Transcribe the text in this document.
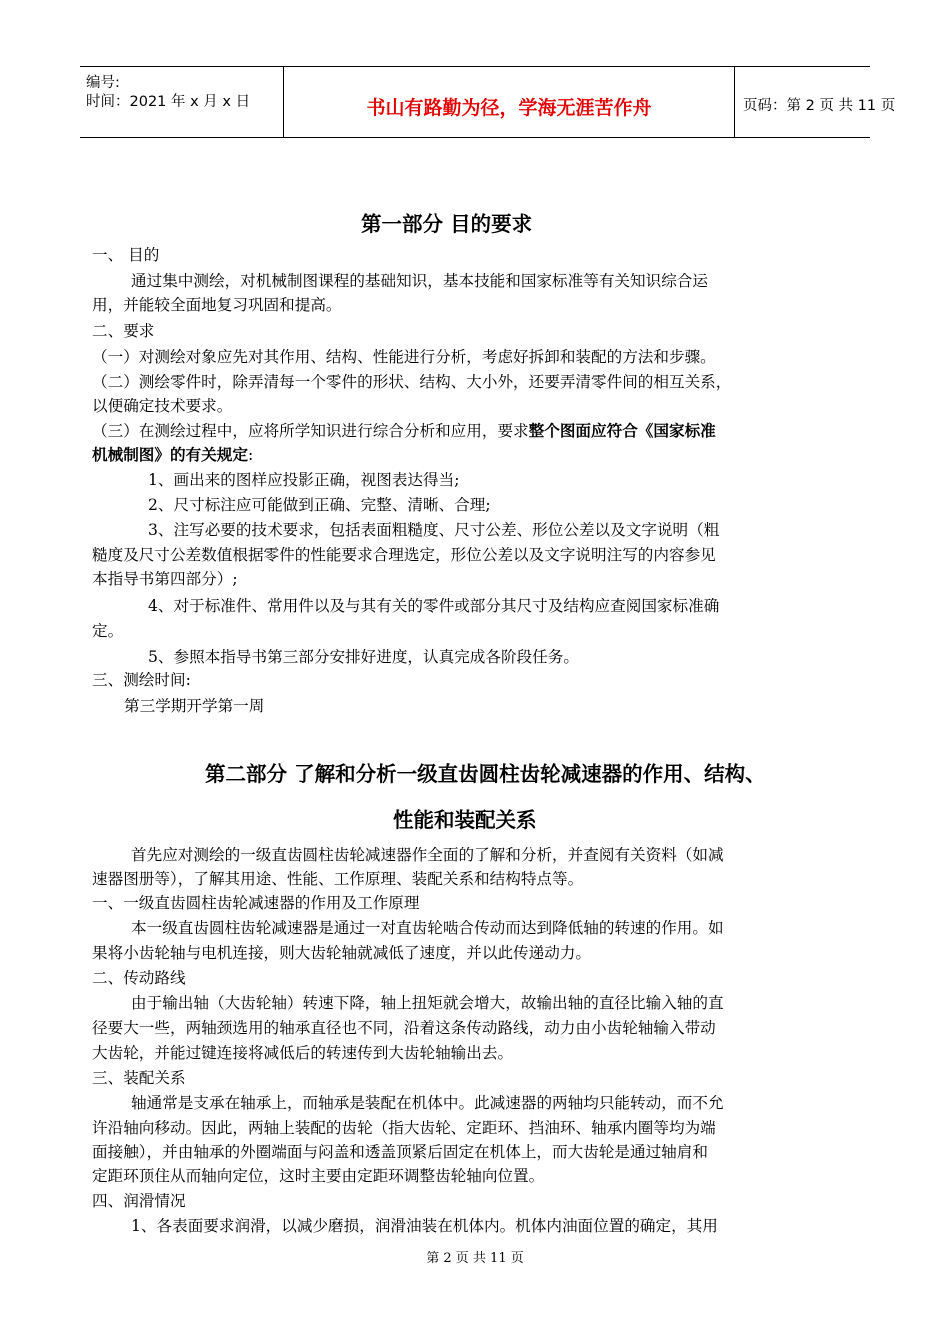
编号:
时间：2021 年 x 月 x 日	书山有路勤为径，学海无涯苦作舟	页码：第 2 页 共 11 页
第一部分 目的要求
一、 目的
通过集中测绘，对机械制图课程的基础知识，基本技能和国家标准等有关知识综合运
用，并能较全面地复习巩固和提高。
二、要求
（一）对测绘对象应先对其作用、结构、性能进行分析，考虑好拆卸和装配的方法和步骤。
（二）测绘零件时，除弄清每一个零件的形状、结构、大小外，还要弄清零件间的相互关系，
以便确定技术要求。
（三）在测绘过程中，应将所学知识进行综合分析和应用，要求整个图面应符合《国家标准
机械制图》的有关规定:
1、画出来的图样应投影正确，视图表达得当;
2、尺寸标注应可能做到正确、完整、清晰、合理;
3、注写必要的技术要求，包括表面粗糙度、尺寸公差、形位公差以及文字说明（粗
糙度及尺寸公差数值根据零件的性能要求合理选定，形位公差以及文字说明注写的内容参见
本指导书第四部分）;
4、对于标准件、常用件以及与其有关的零件或部分其尺寸及结构应查阅国家标准确
定。
5、参照本指导书第三部分安排好进度，认真完成各阶段任务。
三、测绘时间:
第三学期开学第一周
第二部分 了解和分析一级直齿圆柱齿轮减速器的作用、结构、
性能和装配关系
首先应对测绘的一级直齿圆柱齿轮减速器作全面的了解和分析，并查阅有关资料（如减
速器图册等），了解其用途、性能、工作原理、装配关系和结构特点等。
一、一级直齿圆柱齿轮减速器的作用及工作原理
本一级直齿圆柱齿轮减速器是通过一对直齿轮啮合传动而达到降低轴的转速的作用。如
果将小齿轮轴与电机连接，则大齿轮轴就减低了速度，并以此传递动力。
二、传动路线
由于输出轴（大齿轮轴）转速下降，轴上扭矩就会增大，故输出轴的直径比输入轴的直
径要大一些，两轴颈选用的轴承直径也不同，沿着这条传动路线，动力由小齿轮轴输入带动
大齿轮，并能过键连接将减低后的转速传到大齿轮轴输出去。
三、装配关系
轴通常是支承在轴承上，而轴承是装配在机体中。此减速器的两轴均只能转动，而不允
许沿轴向移动。因此，两轴上装配的齿轮（指大齿轮、定距环、挡油环、轴承内圈等均为端
面接触），并由轴承的外圈端面与闷盖和透盖顶紧后固定在机体上，而大齿轮是通过轴肩和
定距环顶住从而轴向定位，这时主要由定距环调整齿轮轴向位置。
四、润滑情况
1、各表面要求润滑，以减少磨损，润滑油装在机体内。机体内油面位置的确定，其用
第 2 页 共 11 页
